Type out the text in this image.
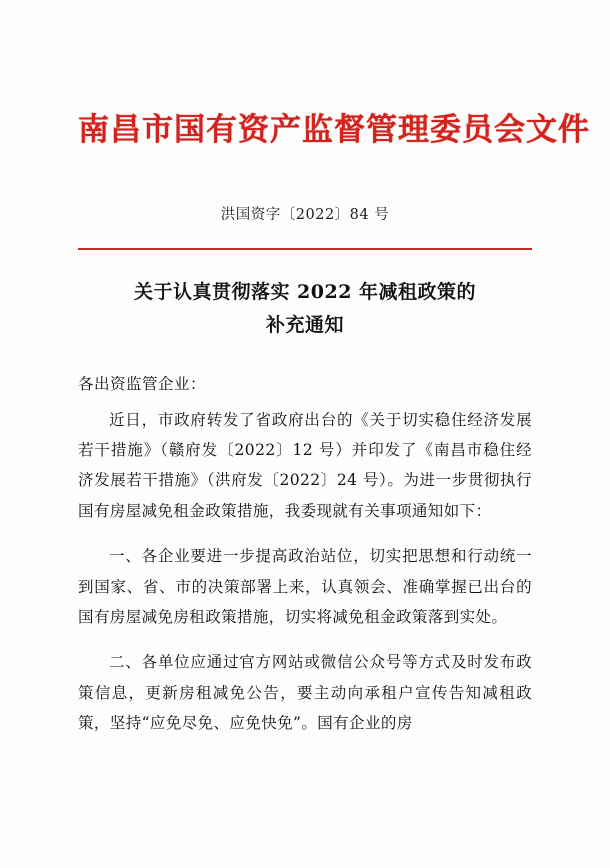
南昌市国有资产监督管理委员会文件
洪国资字〔2022〕84 号
关于认真贯彻落实 2022 年减租政策的
补充通知
各出资监管企业：

近日，市政府转发了省政府出台的《关于切实稳住经济发展若干措施》（赣府发〔2022〕12 号）并印发了《南昌市稳住经济发展若干措施》（洪府发〔2022〕24 号）。为进一步贯彻执行国有房屋减免租金政策措施，我委现就有关事项通知如下：

一、各企业要进一步提高政治站位，切实把思想和行动统一到国家、省、市的决策部署上来，认真领会、准确掌握已出台的国有房屋减免房租政策措施，切实将减免租金政策落到实处。

二、各单位应通过官方网站或微信公众号等方式及时发布政策信息，更新房租减免公告，要主动向承租户宣传告知减租政策，坚持“应免尽免、应免快免”。国有企业的房
